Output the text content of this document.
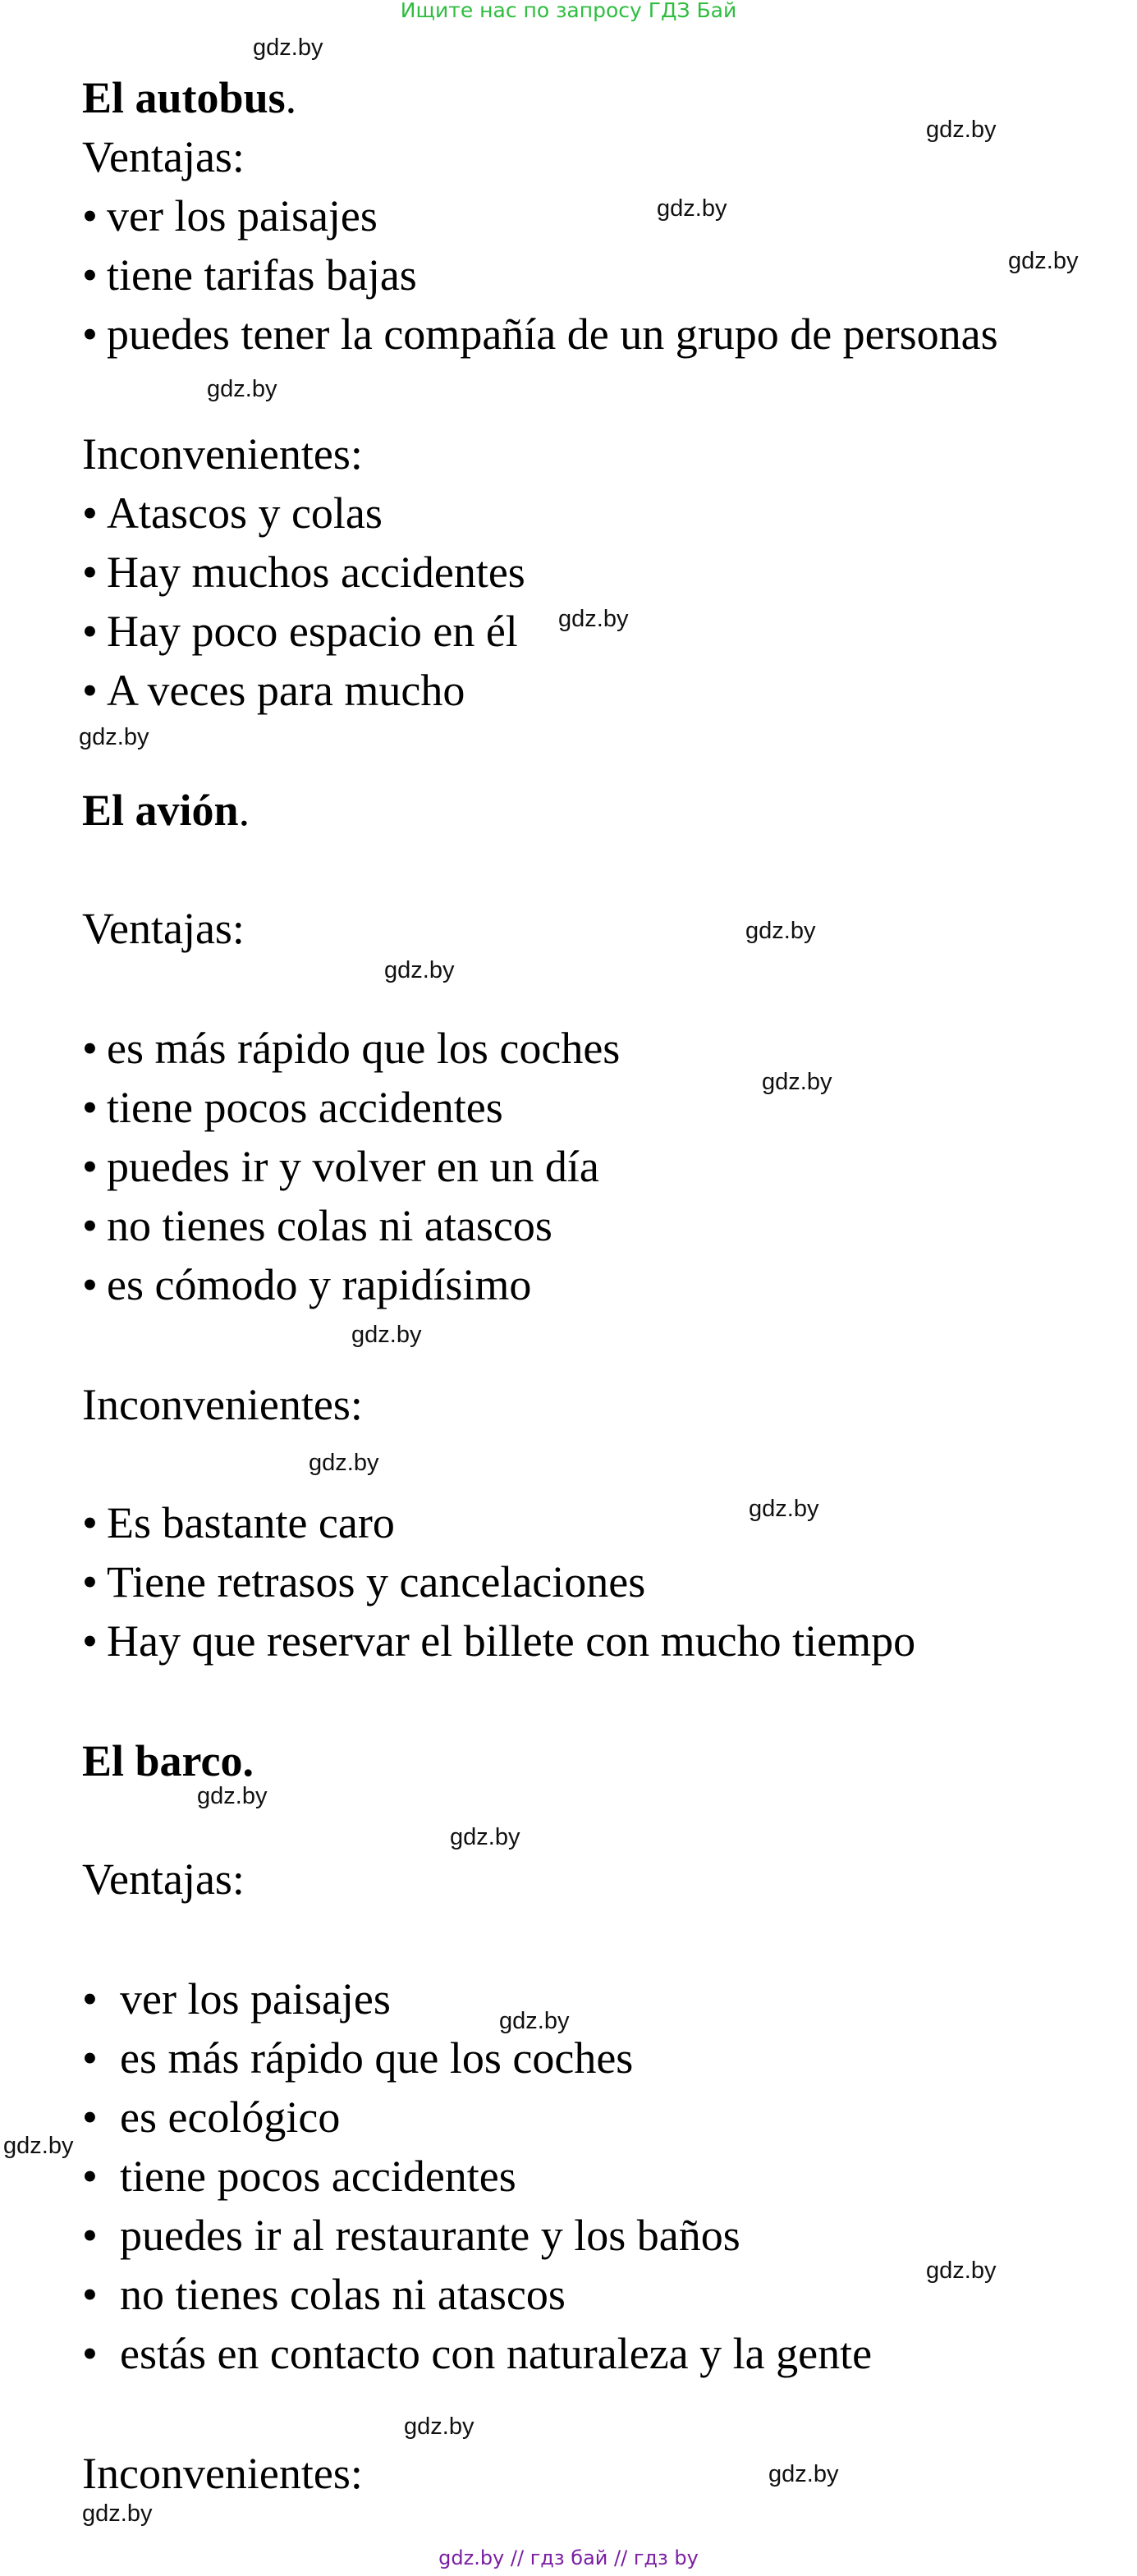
Ищите нас по запросу ГДЗ Бай
El autobus.
Ventajas:
• ver los paisajes
• tiene tarifas bajas
• puedes tener la compañía de un grupo de personas
Inconvenientes:
• Atascos y colas
• Hay muchos accidentes
• Hay poco espacio en él
• A veces para mucho
El avión.
Ventajas:
• es más rápido que los coches
• tiene pocos accidentes
• puedes ir y volver en un día
• no tienes colas ni atascos
• es cómodo y rapidísimo
Inconvenientes:
• Es bastante caro
• Tiene retrasos y cancelaciones
• Hay que reservar el billete con mucho tiempo
El barco.
Ventajas:
• ver los paisajes
• es más rápido que los coches
• es ecológico
• tiene pocos accidentes
• puedes ir al restaurante y los baños
• no tienes colas ni atascos
• estás en contacto con naturaleza y la gente
Inconvenientes:
gdz.by
gdz.by
gdz.by
gdz.by
gdz.by
gdz.by
gdz.by
gdz.by
gdz.by
gdz.by
gdz.by
gdz.by
gdz.by
gdz.by
gdz.by
gdz.by
gdz.by
gdz.by
gdz.by
gdz.by
gdz.by
gdz.by // гдз бай // гдз by
